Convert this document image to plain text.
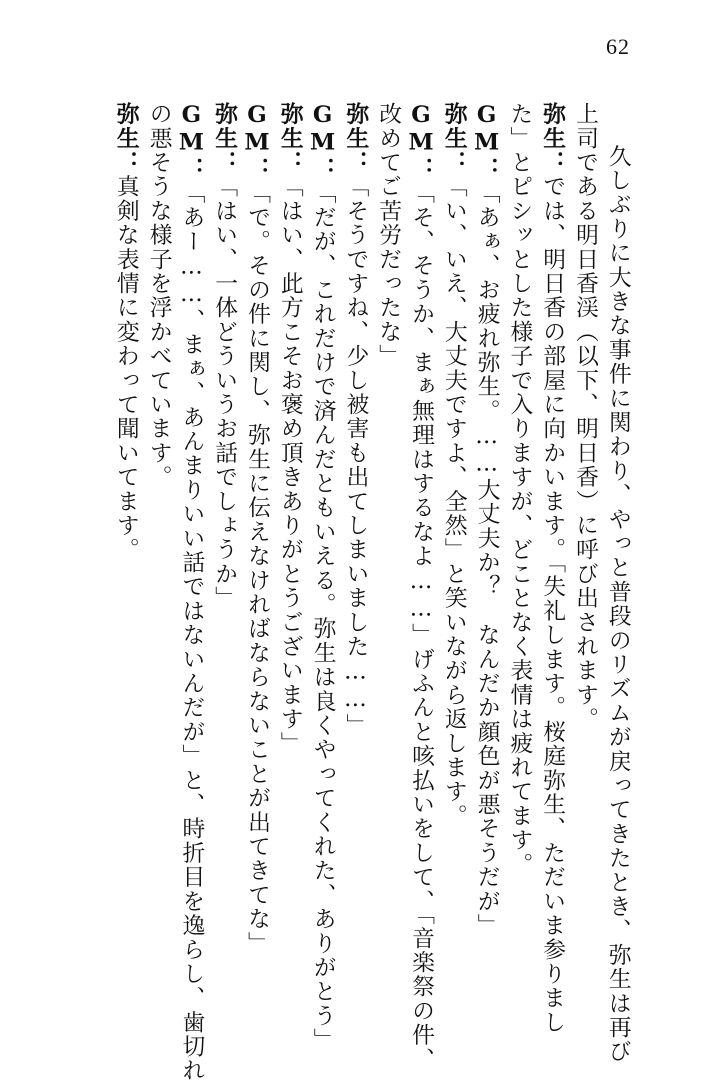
62
　久しぶりに大きな事件に関わり、やっと普段のリズムが戻ってきたとき、弥生は再び
上司である明日香渓（以下、明日香）に呼び出されます。
弥生：では、明日香の部屋に向かいます。「失礼します。桜庭弥生、ただいま参りまし
た」とピシッとした様子で入りますが、どことなく表情は疲れてます。
GM：「あぁ、お疲れ弥生。……大丈夫か？　なんだか顔色が悪そうだが」
弥生：「い、いえ、大丈夫ですよ、全然」と笑いながら返します。
GM：「そ、そうか、まぁ無理はするなよ……」げふんと咳払いをして、「音楽祭の件、
改めてご苦労だったな」
弥生：「そうですね、少し被害も出てしまいました……」
GM：「だが、これだけで済んだともいえる。弥生は良くやってくれた、ありがとう」
弥生：「はい、此方こそお褒め頂きありがとうございます」
GM：「で。その件に関し、弥生に伝えなければならないことが出てきてな」
弥生：「はい、一体どういうお話でしょうか」
GM：「あー……、まぁ、あんまりいい話ではないんだが」と、時折目を逸らし、歯切れ
の悪そうな様子を浮かべています。
弥生：真剣な表情に変わって聞いてます。
